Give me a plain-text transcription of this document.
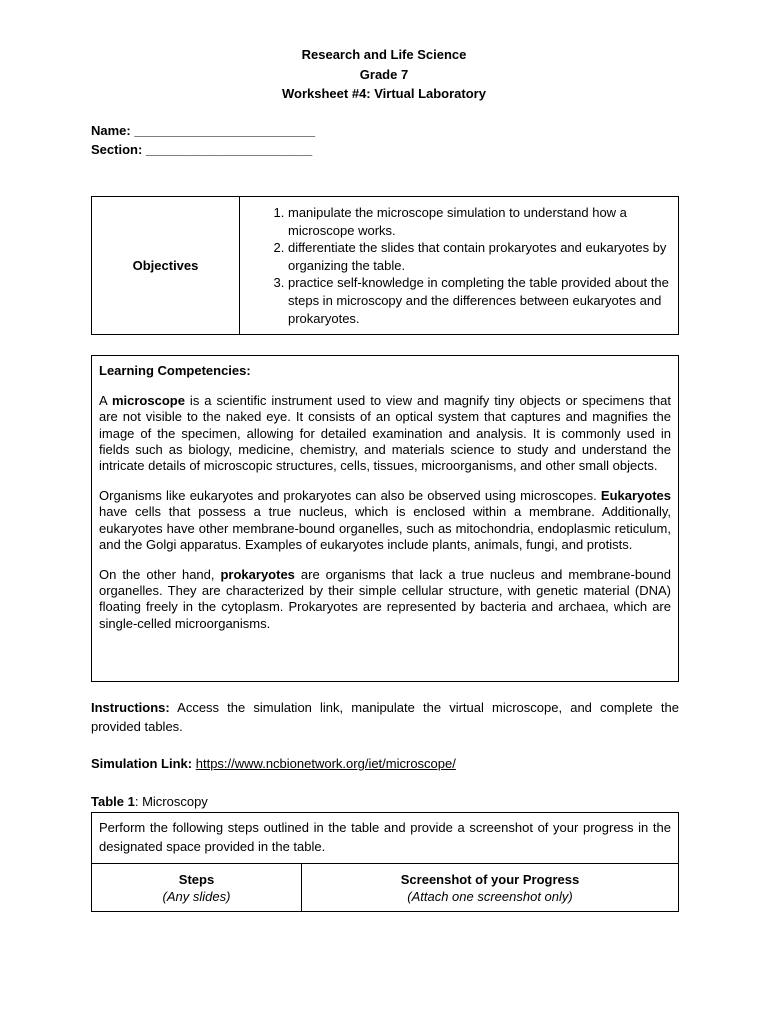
Research and Life Science
Grade 7
Worksheet #4: Virtual Laboratory
Name: _________________________
Section: _______________________
Objectives
1. manipulate the microscope simulation to understand how a microscope works.
2. differentiate the slides that contain prokaryotes and eukaryotes by organizing the table.
3. practice self-knowledge in completing the table provided about the steps in microscopy and the differences between eukaryotes and prokaryotes.
Learning Competencies:

A microscope is a scientific instrument used to view and magnify tiny objects or specimens that are not visible to the naked eye. It consists of an optical system that captures and magnifies the image of the specimen, allowing for detailed examination and analysis. It is commonly used in fields such as biology, medicine, chemistry, and materials science to study and understand the intricate details of microscopic structures, cells, tissues, microorganisms, and other small objects.

Organisms like eukaryotes and prokaryotes can also be observed using microscopes. Eukaryotes have cells that possess a true nucleus, which is enclosed within a membrane. Additionally, eukaryotes have other membrane-bound organelles, such as mitochondria, endoplasmic reticulum, and the Golgi apparatus. Examples of eukaryotes include plants, animals, fungi, and protists.

On the other hand, prokaryotes are organisms that lack a true nucleus and membrane-bound organelles. They are characterized by their simple cellular structure, with genetic material (DNA) floating freely in the cytoplasm. Prokaryotes are represented by bacteria and archaea, which are single-celled microorganisms.

Instructions: Access the simulation link, manipulate the virtual microscope, and complete the provided tables.
Simulation Link: https://www.ncbionetwork.org/iet/microscope/
Table 1: Microscopy
Perform the following steps outlined in the table and provide a screenshot of your progress in the designated space provided in the table.
Steps
(Any slides)
Screenshot of your Progress
(Attach one screenshot only)
